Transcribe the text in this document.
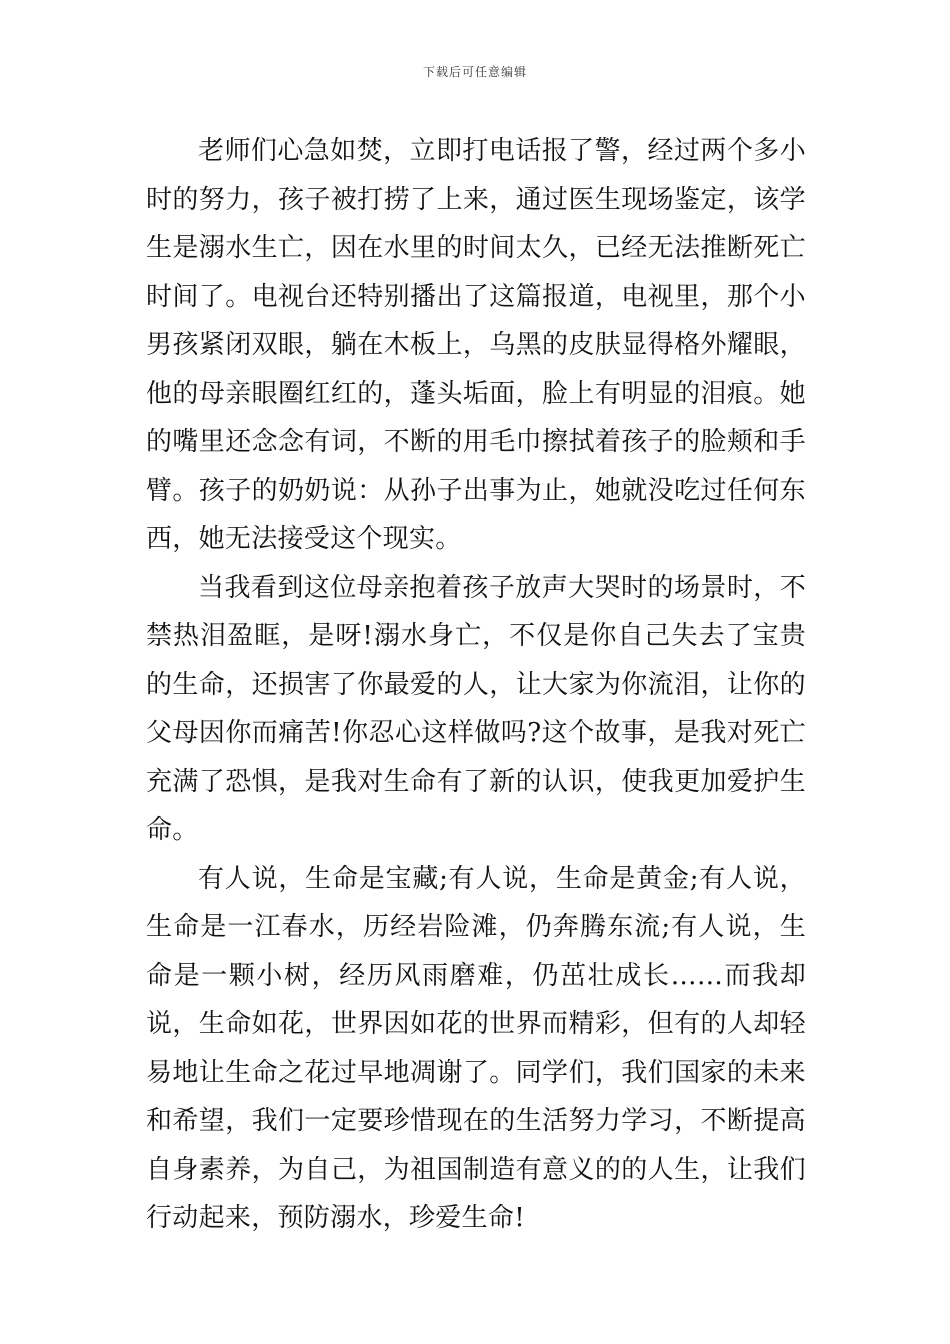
下载后可任意编辑

老师们心急如焚，立即打电话报了警，经过两个多小时的努力，孩子被打捞了上来，通过医生现场鉴定，该学生是溺水生亡，因在水里的时间太久，已经无法推断死亡时间了。电视台还特别播出了这篇报道，电视里，那个小男孩紧闭双眼，躺在木板上，乌黑的皮肤显得格外耀眼，他的母亲眼圈红红的，蓬头垢面，脸上有明显的泪痕。她的嘴里还念念有词，不断的用毛巾擦拭着孩子的脸颊和手臂。孩子的奶奶说：从孙子出事为止，她就没吃过任何东西，她无法接受这个现实。

当我看到这位母亲抱着孩子放声大哭时的场景时，不禁热泪盈眶，是呀!溺水身亡，不仅是你自己失去了宝贵的生命，还损害了你最爱的人，让大家为你流泪，让你的父母因你而痛苦!你忍心这样做吗?这个故事，是我对死亡充满了恐惧，是我对生命有了新的认识，使我更加爱护生命。

有人说，生命是宝藏;有人说，生命是黄金;有人说，生命是一江春水，历经岩险滩，仍奔腾东流;有人说，生命是一颗小树，经历风雨磨难，仍茁壮成长……而我却说，生命如花，世界因如花的世界而精彩，但有的人却轻易地让生命之花过早地凋谢了。同学们，我们国家的未来和希望，我们一定要珍惜现在的生活努力学习，不断提高自身素养，为自己，为祖国制造有意义的的人生，让我们行动起来，预防溺水，珍爱生命!
